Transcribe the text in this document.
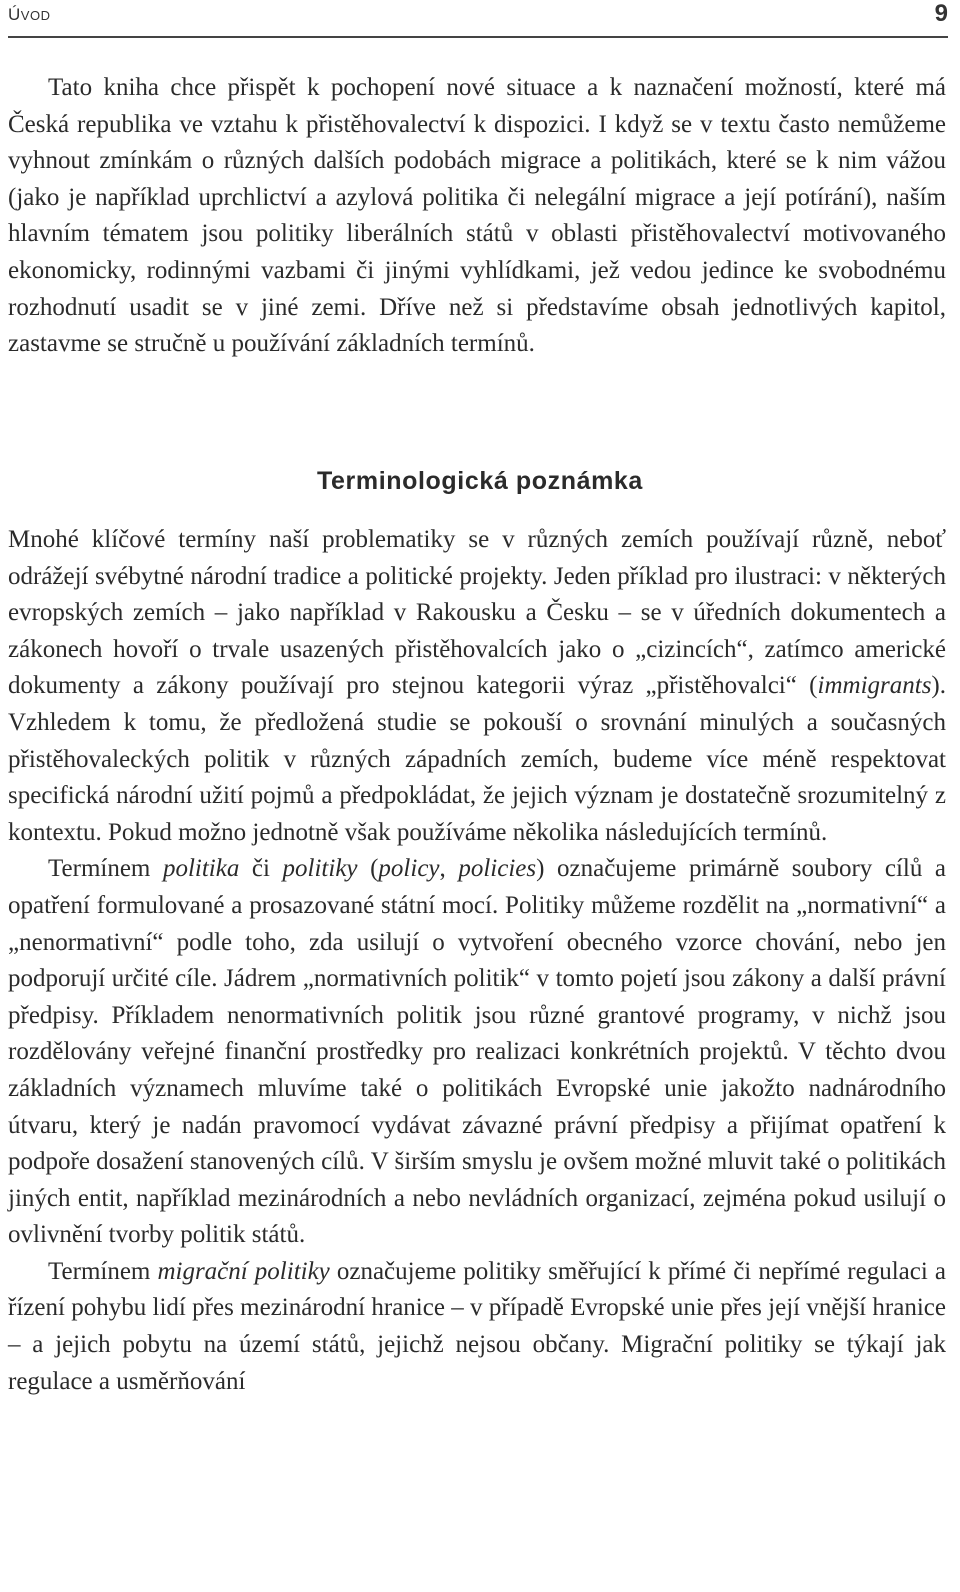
ÚVOD	9

Tato kniha chce přispět k pochopení nové situace a k naznačení možností, které má Česká republika ve vztahu k přistěhovalectví k dispozici. I když se v textu často nemůžeme vyhnout zmínkám o různých dalších podobách migrace a politikách, které se k nim vážou (jako je například uprchlictví a azylová politika či nelegální migrace a její potírání), naším hlavním tématem jsou politiky liberálních států v oblasti přistěhovalectví motivovaného ekonomicky, rodinnými vazbami či jinými vyhlídkami, jež vedou jedince ke svobodnému rozhodnutí usadit se v jiné zemi. Dříve než si představíme obsah jednotlivých kapitol, zastavme se stručně u používání základních termínů.

Terminologická poznámka

Mnohé klíčové termíny naší problematiky se v různých zemích používají různě, neboť odrážejí svébytné národní tradice a politické projekty. Jeden příklad pro ilustraci: v některých evropských zemích – jako například v Rakousku a Česku – se v úředních dokumentech a zákonech hovoří o trvale usazených přistěhovalcích jako o „cizincích“, zatímco americké dokumenty a zákony používají pro stejnou kategorii výraz „přistěhovalci“ (immigrants). Vzhledem k tomu, že předložená studie se pokouší o srovnání minulých a současných přistěhovaleckých politik v různých západních zemích, budeme více méně respektovat specifická národní užití pojmů a předpokládat, že jejich význam je dostatečně srozumitelný z kontextu. Pokud možno jednotně však používáme několika následujících termínů.

Termínem politika či politiky (policy, policies) označujeme primárně soubory cílů a opatření formulované a prosazované státní mocí. Politiky můžeme rozdělit na „normativní“ a „nenormativní“ podle toho, zda usilují o vytvoření obecného vzorce chování, nebo jen podporují určité cíle. Jádrem „normativních politik“ v tomto pojetí jsou zákony a další právní předpisy. Příkladem nenormativních politik jsou různé grantové programy, v nichž jsou rozdělovány veřejné finanční prostředky pro realizaci konkrétních projektů. V těchto dvou základních významech mluvíme také o politikách Evropské unie jakožto nadnárodního útvaru, který je nadán pravomocí vydávat závazné právní předpisy a přijímat opatření k podpoře dosažení stanovených cílů. V širším smyslu je ovšem možné mluvit také o politikách jiných entit, například mezinárodních a nebo nevládních organizací, zejména pokud usilují o ovlivnění tvorby politik států.

Termínem migrační politiky označujeme politiky směřující k přímé či nepřímé regulaci a řízení pohybu lidí přes mezinárodní hranice – v případě Evropské unie přes její vnější hranice – a jejich pobytu na území států, jejichž nejsou občany. Migrační politiky se týkají jak regulace a usměrňování
